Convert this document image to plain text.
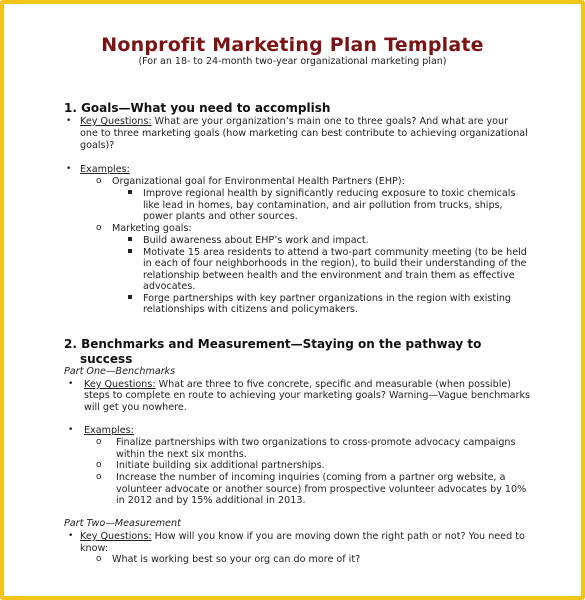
Nonprofit Marketing Plan Template
(For an 18- to 24-month two-year organizational marketing plan)
1. Goals—What you need to accomplish
• Key Questions: What are your organization’s main one to three goals? And what are your
one to three marketing goals (how marketing can best contribute to achieving organizational
goals)?
• Examples:
o Organizational goal for Environmental Health Partners (EHP):
Improve regional health by significantly reducing exposure to toxic chemicals
like lead in homes, bay contamination, and air pollution from trucks, ships,
power plants and other sources.
o Marketing goals:
Build awareness about EHP’s work and impact.
Motivate 15 area residents to attend a two-part community meeting (to be held
in each of four neighborhoods in the region), to build their understanding of the
relationship between health and the environment and train them as effective
advocates.
Forge partnerships with key partner organizations in the region with existing
relationships with citizens and policymakers.
2. Benchmarks and Measurement—Staying on the pathway to
success
Part One—Benchmarks
• Key Questions: What are three to five concrete, specific and measurable (when possible)
steps to complete en route to achieving your marketing goals? Warning—Vague benchmarks
will get you nowhere.
• Examples:
o Finalize partnerships with two organizations to cross-promote advocacy campaigns
within the next six months.
o Initiate building six additional partnerships.
o Increase the number of incoming inquiries (coming from a partner org website, a
volunteer advocate or another source) from prospective volunteer advocates by 10%
in 2012 and by 15% additional in 2013.
Part Two—Measurement
• Key Questions: How will you know if you are moving down the right path or not? You need to
know:
o What is working best so your org can do more of it?
